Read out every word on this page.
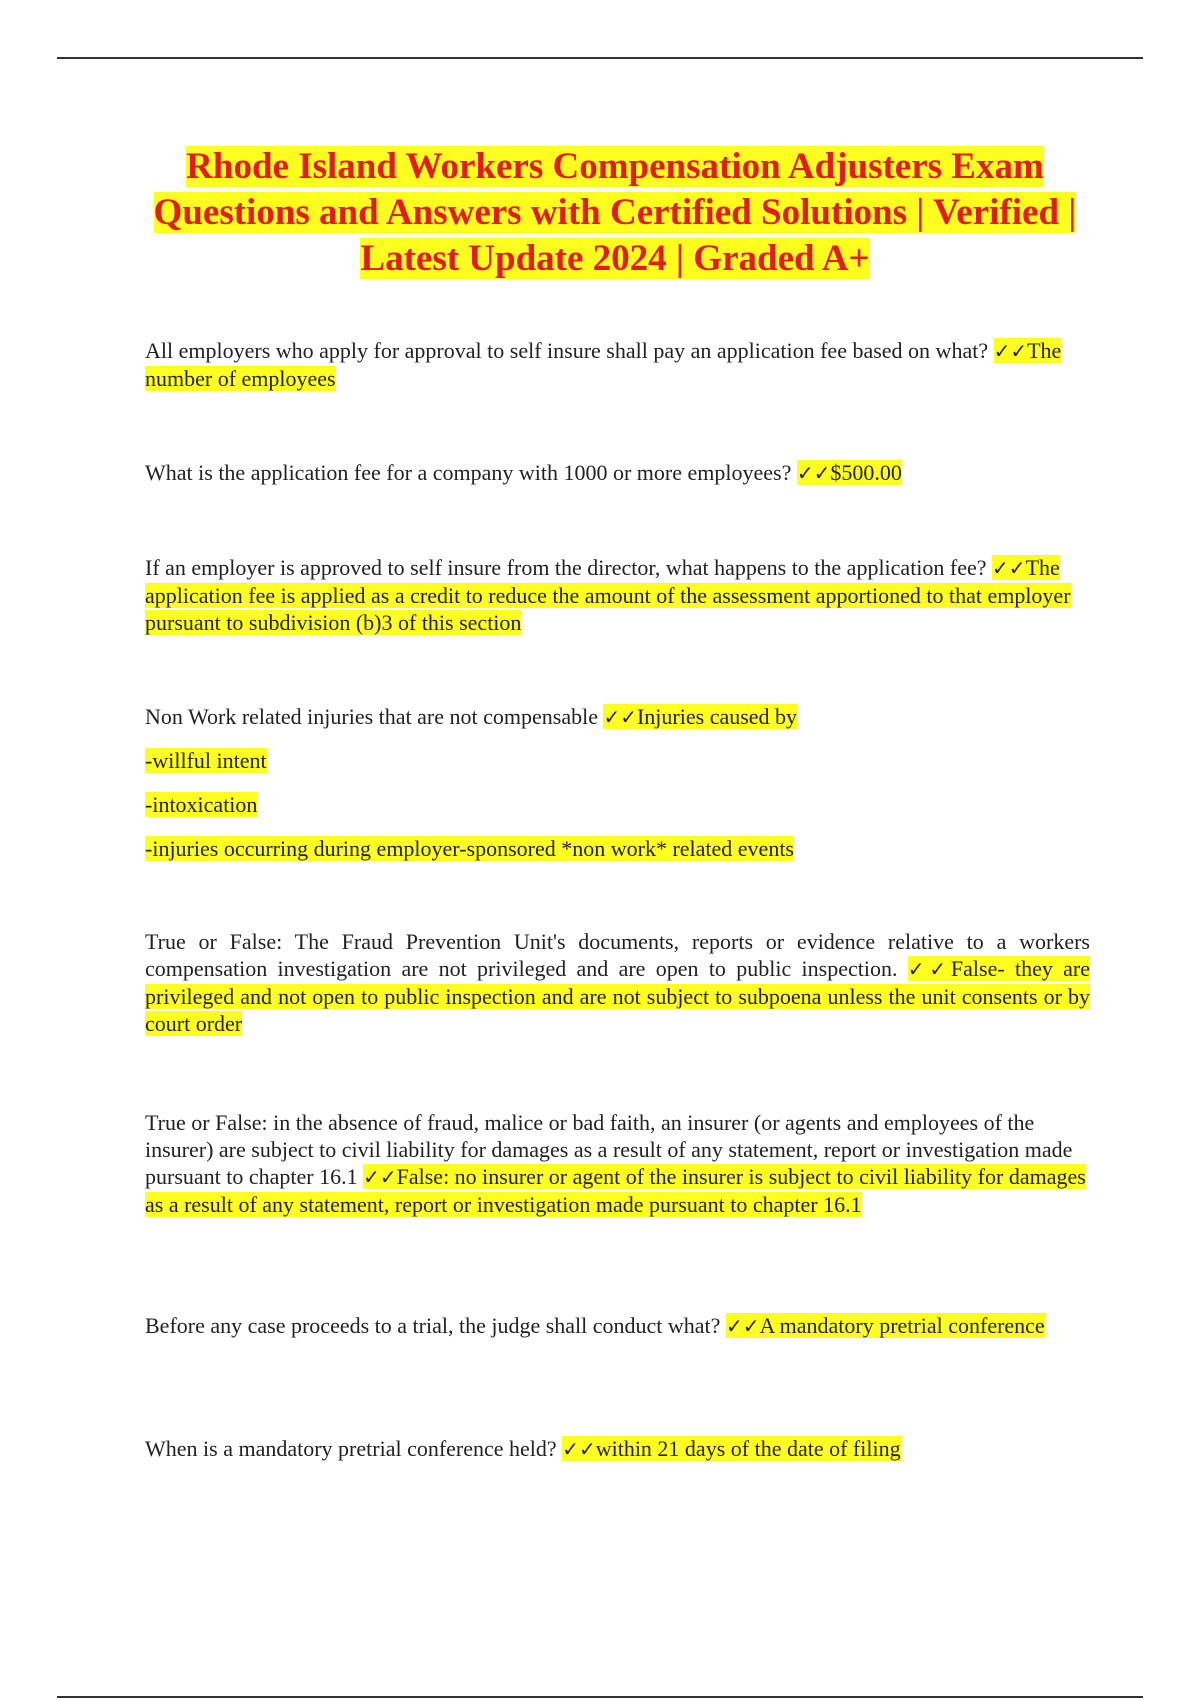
Rhode Island Workers Compensation Adjusters Exam Questions and Answers with Certified Solutions | Verified | Latest Update 2024 | Graded A+

All employers who apply for approval to self insure shall pay an application fee based on what? ✓✓The number of employees

What is the application fee for a company with 1000 or more employees? ✓✓$500.00

If an employer is approved to self insure from the director, what happens to the application fee? ✓✓The application fee is applied as a credit to reduce the amount of the assessment apportioned to that employer pursuant to subdivision (b)3 of this section

Non Work related injuries that are not compensable ✓✓Injuries caused by

-willful intent

-intoxication

-injuries occurring during employer-sponsored *non work* related events

True or False: The Fraud Prevention Unit's documents, reports or evidence relative to a workers compensation investigation are not privileged and are open to public inspection. ✓✓False- they are privileged and not open to public inspection and are not subject to subpoena unless the unit consents or by court order

True or False: in the absence of fraud, malice or bad faith, an insurer (or agents and employees of the insurer) are subject to civil liability for damages as a result of any statement, report or investigation made pursuant to chapter 16.1 ✓✓False: no insurer or agent of the insurer is subject to civil liability for damages as a result of any statement, report or investigation made pursuant to chapter 16.1

Before any case proceeds to a trial, the judge shall conduct what? ✓✓A mandatory pretrial conference

When is a mandatory pretrial conference held? ✓✓within 21 days of the date of filing
